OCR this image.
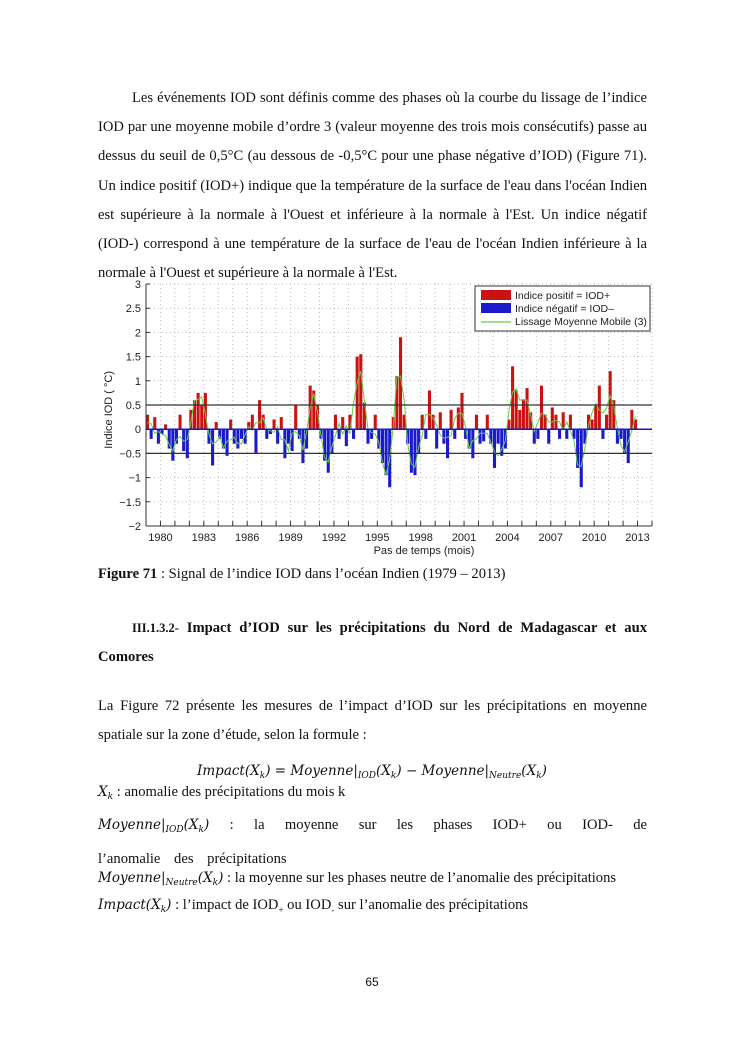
Les événements IOD sont définis comme des phases où la courbe du lissage de l’indice IOD par une moyenne mobile d’ordre 3 (valeur moyenne des trois mois consécutifs) passe au dessus du seuil de 0,5°C (au dessous de -0,5°C pour une phase négative d’IOD) (Figure 71). Un indice positif (IOD+) indique que la température de la surface de l'eau dans l'océan Indien est supérieure à la normale à l'Ouest et inférieure à la normale à l'Est. Un indice négatif (IOD-) correspond à une température de la surface de l'eau de l'océan Indien inférieure à la normale à l'Ouest et supérieure à la normale à l'Est.

3
2.5
2
1.5
1
0.5
0
−0.5
−1
−1.5
−2
1980 1983 1986 1989 1992 1995 1998 2001 2004 2007 2010 2013
Pas de temps (mois)
Indice IOD ( °C)
Indice positif = IOD+
Indice négatif = IOD–
Lissage Moyenne Mobile (3)
Figure 71 : Signal de l’indice IOD dans l’océan Indien (1979 – 2013)
III.1.3.2- Impact d’IOD sur les précipitations du Nord de Madagascar et aux Comores
La Figure 72 présente les mesures de l’impact d’IOD sur les précipitations en moyenne spatiale sur la zone d’étude, selon la formule :
$Impact(X_k)$ = $Moyenne|_{IOD}(X_k)$ − $Moyenne|_{Neutre}(X_k)$
$X_k$ : anomalie des précipitations du mois k
$Moyenne|_{IOD}(X_k)$ : la moyenne sur les phases IOD+ ou IOD- de l’anomalie des précipitations
$Moyenne|_{Neutre}(X_k)$ : la moyenne sur les phases neutre de l’anomalie des précipitations
$Impact(X_k)$ : l’impact de $IOD_+$ ou $IOD_-$ sur l’anomalie des précipitations
65
